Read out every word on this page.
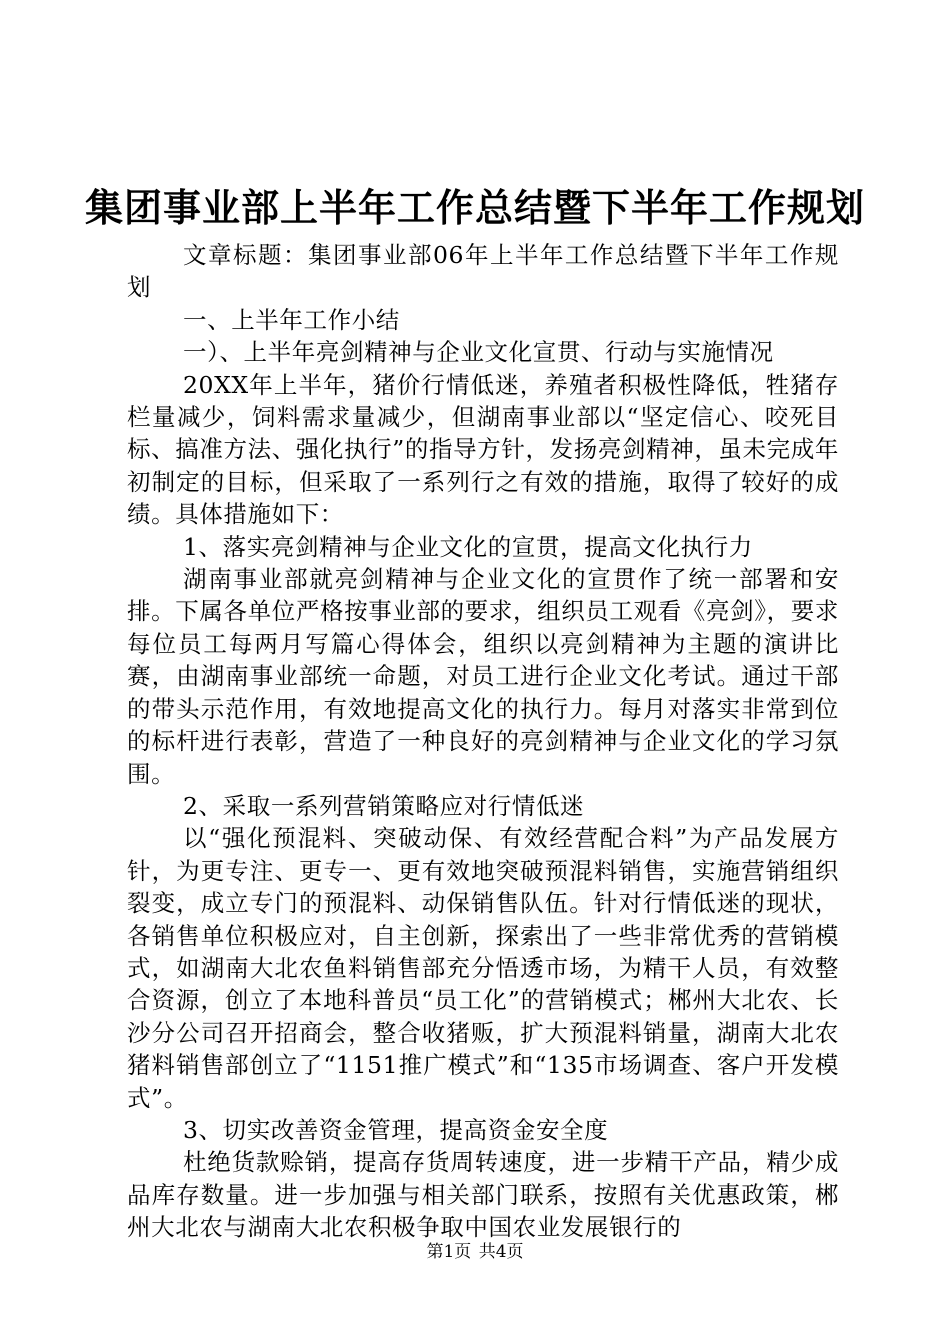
集团事业部上半年工作总结暨下半年工作规划

文章标题：集团事业部06年上半年工作总结暨下半年工作规划

一、上半年工作小结

一）、上半年亮剑精神与企业文化宣贯、行动与实施情况

20XX年上半年，猪价行情低迷，养殖者积极性降低，牲猪存栏量减少，饲料需求量减少，但湖南事业部以“坚定信心、咬死目标、搞准方法、强化执行”的指导方针，发扬亮剑精神，虽未完成年初制定的目标，但采取了一系列行之有效的措施，取得了较好的成绩。具体措施如下：

1、落实亮剑精神与企业文化的宣贯，提高文化执行力

湖南事业部就亮剑精神与企业文化的宣贯作了统一部署和安排。下属各单位严格按事业部的要求，组织员工观看《亮剑》，要求每位员工每两月写篇心得体会，组织以亮剑精神为主题的演讲比赛，由湖南事业部统一命题，对员工进行企业文化考试。通过干部的带头示范作用，有效地提高文化的执行力。每月对落实非常到位的标杆进行表彰，营造了一种良好的亮剑精神与企业文化的学习氛围。

2、采取一系列营销策略应对行情低迷

以“强化预混料、突破动保、有效经营配合料”为产品发展方针，为更专注、更专一、更有效地突破预混料销售，实施营销组织裂变，成立专门的预混料、动保销售队伍。针对行情低迷的现状，各销售单位积极应对，自主创新，探索出了一些非常优秀的营销模式，如湖南大北农鱼料销售部充分悟透市场，为精干人员，有效整合资源，创立了本地科普员“员工化”的营销模式；郴州大北农、长沙分公司召开招商会，整合收猪贩，扩大预混料销量，湖南大北农猪料销售部创立了“1151推广模式”和“135市场调查、客户开发模式”。

3、切实改善资金管理，提高资金安全度

杜绝货款赊销，提高存货周转速度，进一步精干产品，精少成品库存数量。进一步加强与相关部门联系，按照有关优惠政策，郴州大北农与湖南大北农积极争取中国农业发展银行的

第1页 共4页
